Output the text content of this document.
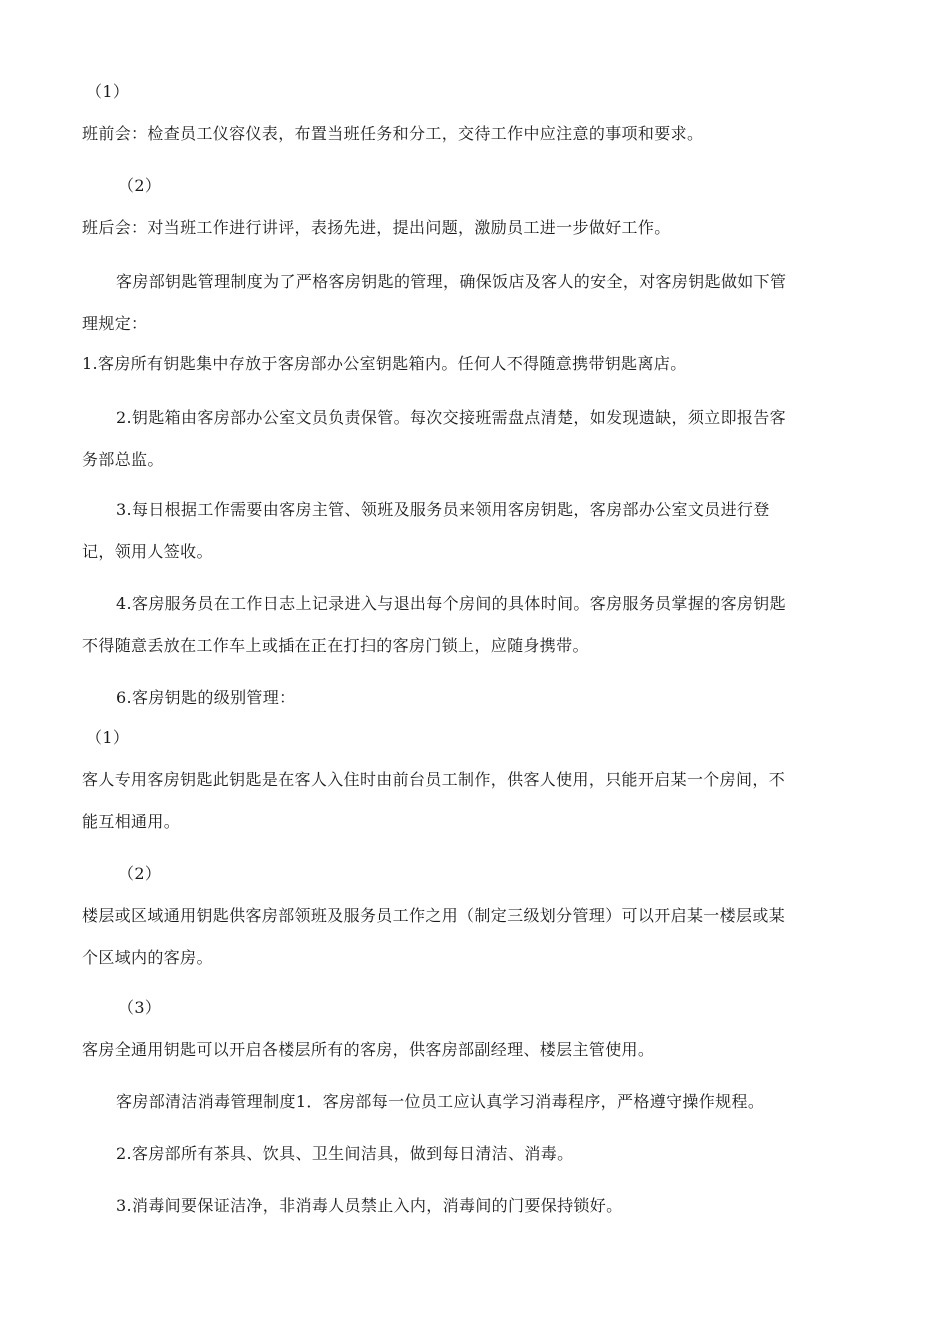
（1）
班前会：检查员工仪容仪表，布置当班任务和分工，交待工作中应注意的事项和要求。
（2）
班后会：对当班工作进行讲评，表扬先进，提出问题，激励员工进一步做好工作。
客房部钥匙管理制度为了严格客房钥匙的管理，确保饭店及客人的安全，对客房钥匙做如下管
理规定：
1.客房所有钥匙集中存放于客房部办公室钥匙箱内。任何人不得随意携带钥匙离店。
2.钥匙箱由客房部办公室文员负责保管。每次交接班需盘点清楚，如发现遗缺，须立即报告客
务部总监。
3.每日根据工作需要由客房主管、领班及服务员来领用客房钥匙，客房部办公室文员进行登
记，领用人签收。
4.客房服务员在工作日志上记录进入与退出每个房间的具体时间。客房服务员掌握的客房钥匙
不得随意丢放在工作车上或插在正在打扫的客房门锁上，应随身携带。
6.客房钥匙的级别管理：
（1）
客人专用客房钥匙此钥匙是在客人入住时由前台员工制作，供客人使用，只能开启某一个房间，不
能互相通用。
（2）
楼层或区域通用钥匙供客房部领班及服务员工作之用（制定三级划分管理）可以开启某一楼层或某
个区域内的客房。
（3）
客房全通用钥匙可以开启各楼层所有的客房，供客房部副经理、楼层主管使用。
客房部清洁消毒管理制度1．客房部每一位员工应认真学习消毒程序，严格遵守操作规程。
2.客房部所有茶具、饮具、卫生间洁具，做到每日清洁、消毒。
3.消毒间要保证洁净，非消毒人员禁止入内，消毒间的门要保持锁好。
